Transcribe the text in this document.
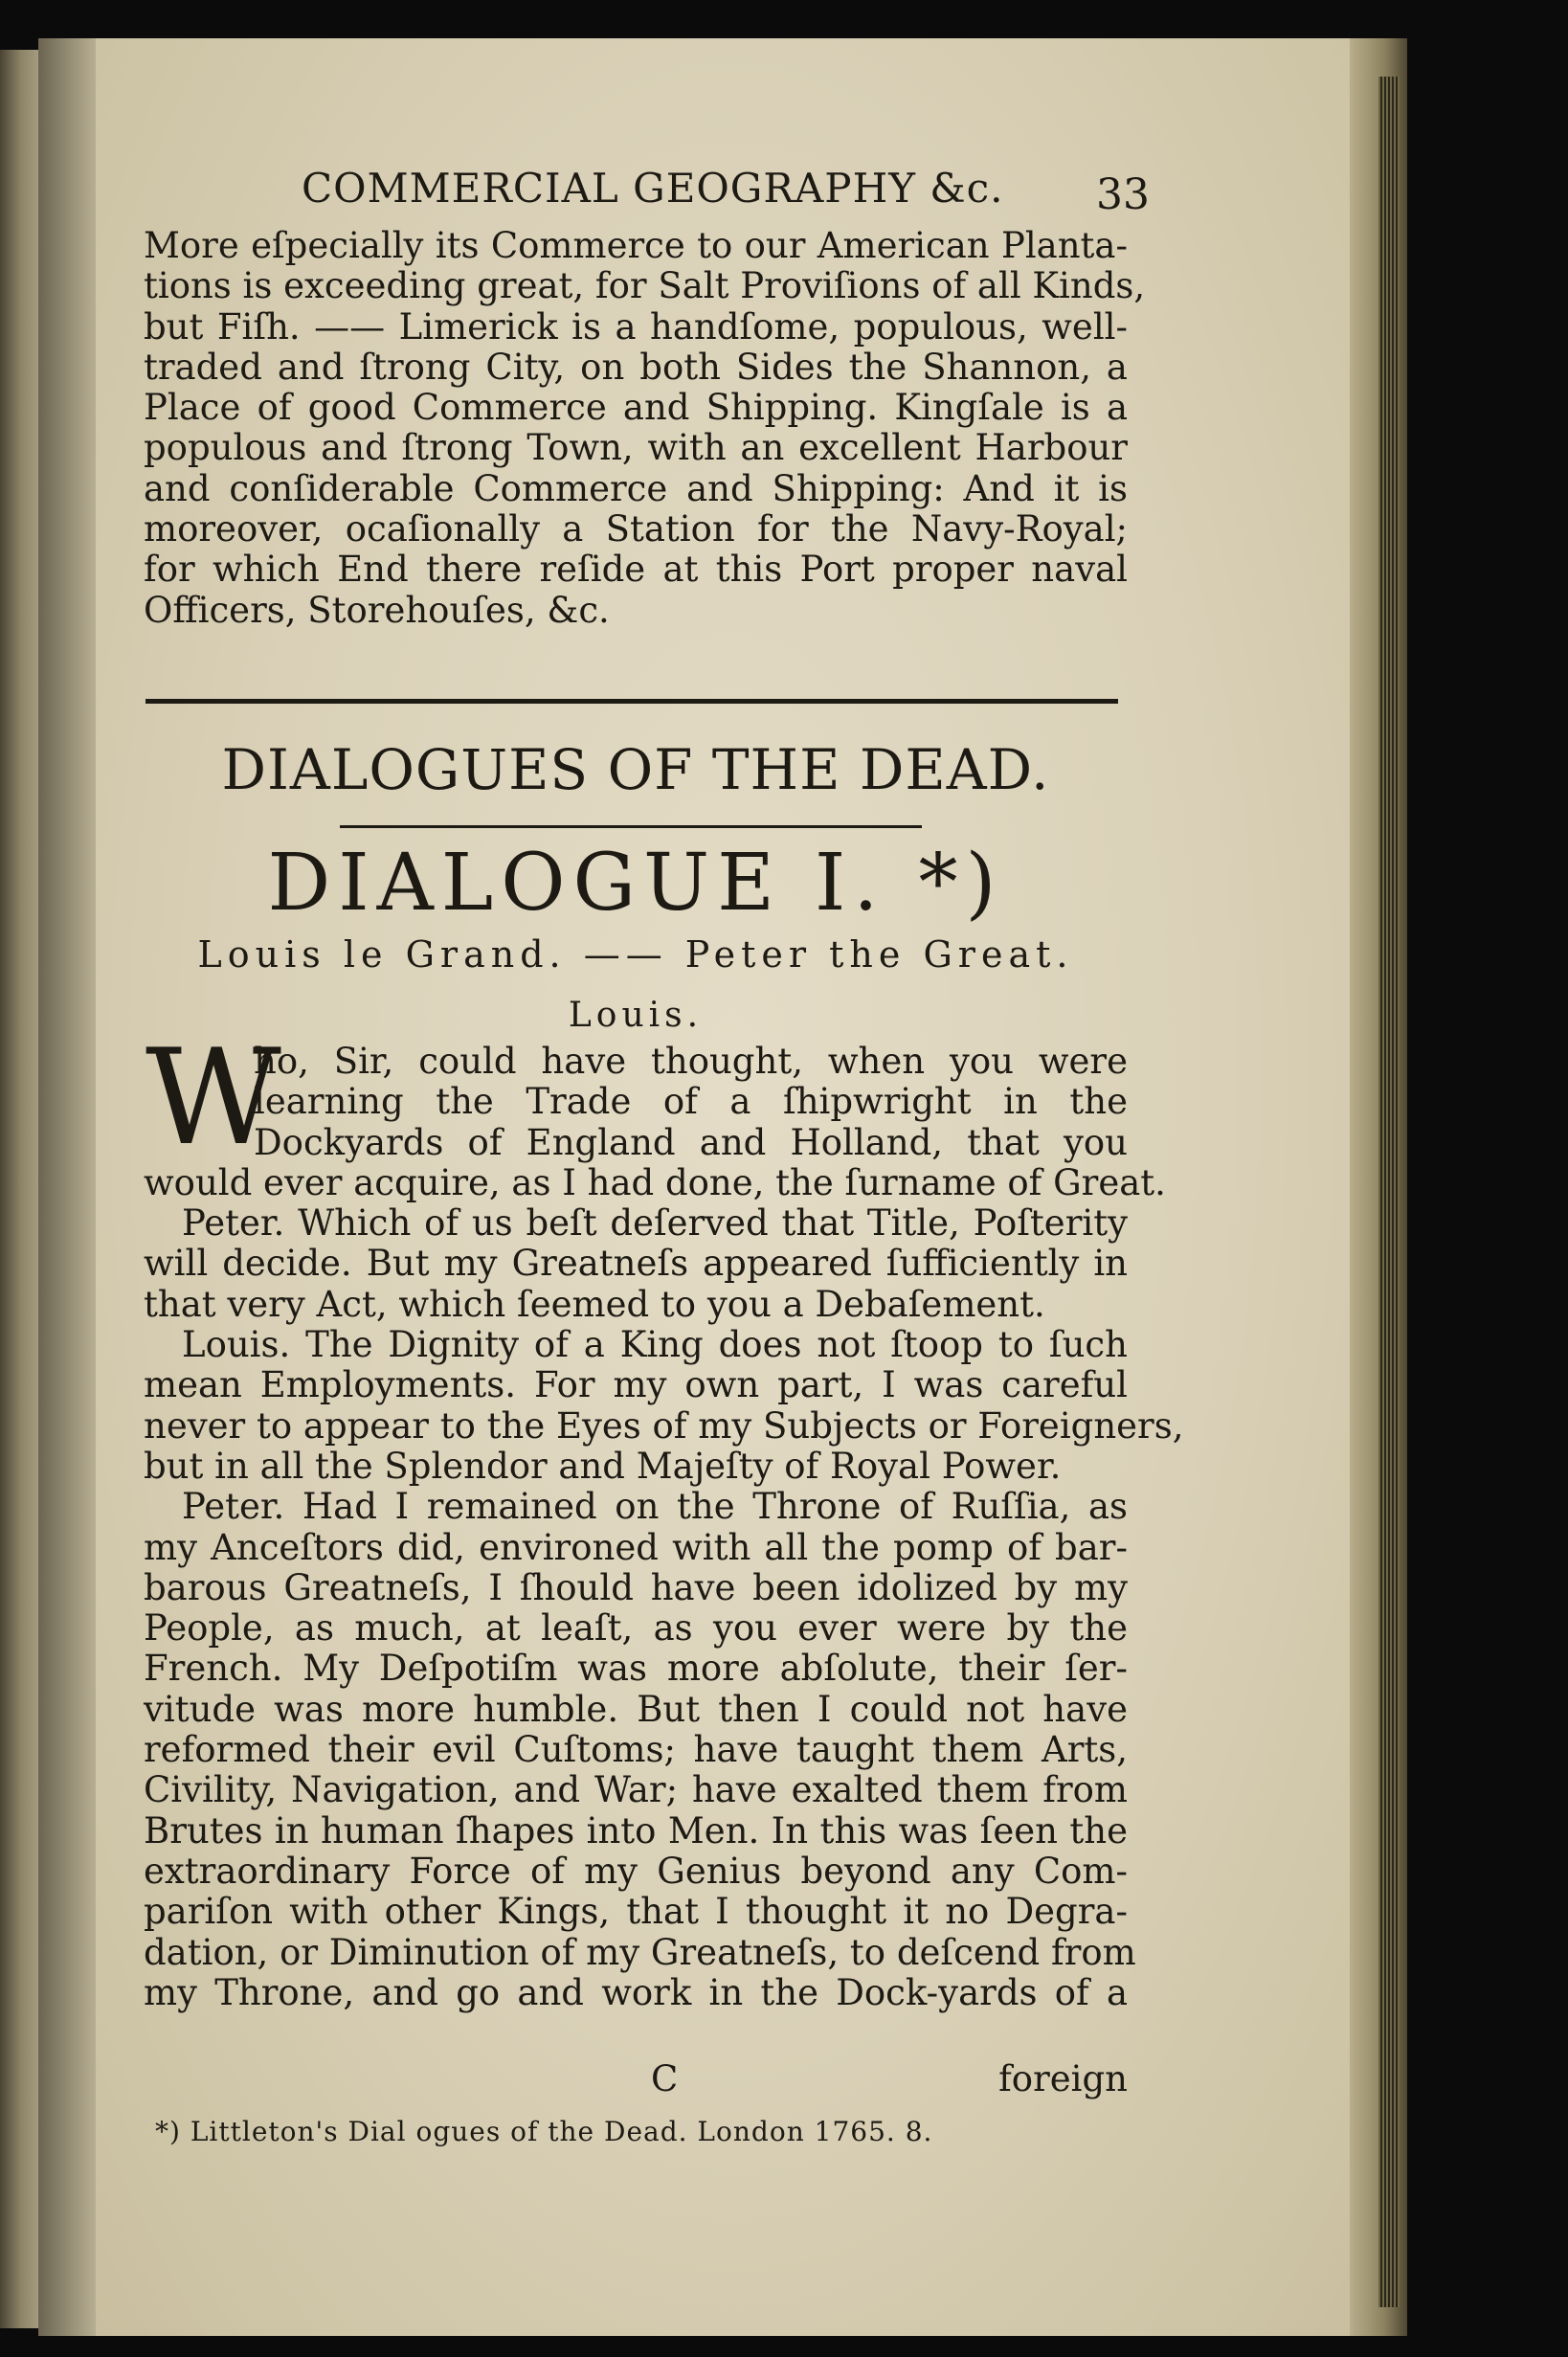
COMMERCIAL GEOGRAPHY &c.	33
More eſpecially its Commerce to our American Planta-
tions is exceeding great, for Salt Proviſions of all Kinds,
but Fiſh. —— Limerick is a handſome, populous, well-
traded and ſtrong City, on both Sides the Shannon, a
Place of good Commerce and Shipping. Kingſale is a
populous and ſtrong Town, with an excellent Harbour
and conſiderable Commerce and Shipping: And it is
moreover, ocaſionally a Station for the Navy-Royal;
for which End there reſide at this Port proper naval
Officers, Storehouſes, &c.
DIALOGUES OF THE DEAD.
DIALOGUE I. *)
Louis le Grand. —— Peter the Great.
Louis.
W
ho, Sir, could have thought, when you were
learning the Trade of a ſhipwright in the
Dockyards of England and Holland, that you
would ever acquire, as I had done, the ſurname of Great.
Peter. Which of us beſt deſerved that Title, Poſterity
will decide. But my Greatneſs appeared ſufficiently in
that very Act, which ſeemed to you a Debaſement.
Louis. The Dignity of a King does not ſtoop to ſuch
mean Employments. For my own part, I was careful
never to appear to the Eyes of my Subjects or Foreigners,
but in all the Splendor and Majeſty of Royal Power.
Peter. Had I remained on the Throne of Ruſſia, as
my Anceſtors did, environed with all the pomp of bar-
barous Greatneſs, I ſhould have been idolized by my
People, as much, at leaſt, as you ever were by the
French. My Deſpotiſm was more abſolute, their ſer-
vitude was more humble. But then I could not have
reformed their evil Cuſtoms; have taught them Arts,
Civility, Navigation, and War; have exalted them from
Brutes in human ſhapes into Men. In this was ſeen the
extraordinary Force of my Genius beyond any Com-
pariſon with other Kings, that I thought it no Degra-
dation, or Diminution of my Greatneſs, to deſcend from
my Throne, and go and work in the Dock-yards of a
C	foreign
*) Littleton's Dial ogues of the Dead. London 1765. 8.
